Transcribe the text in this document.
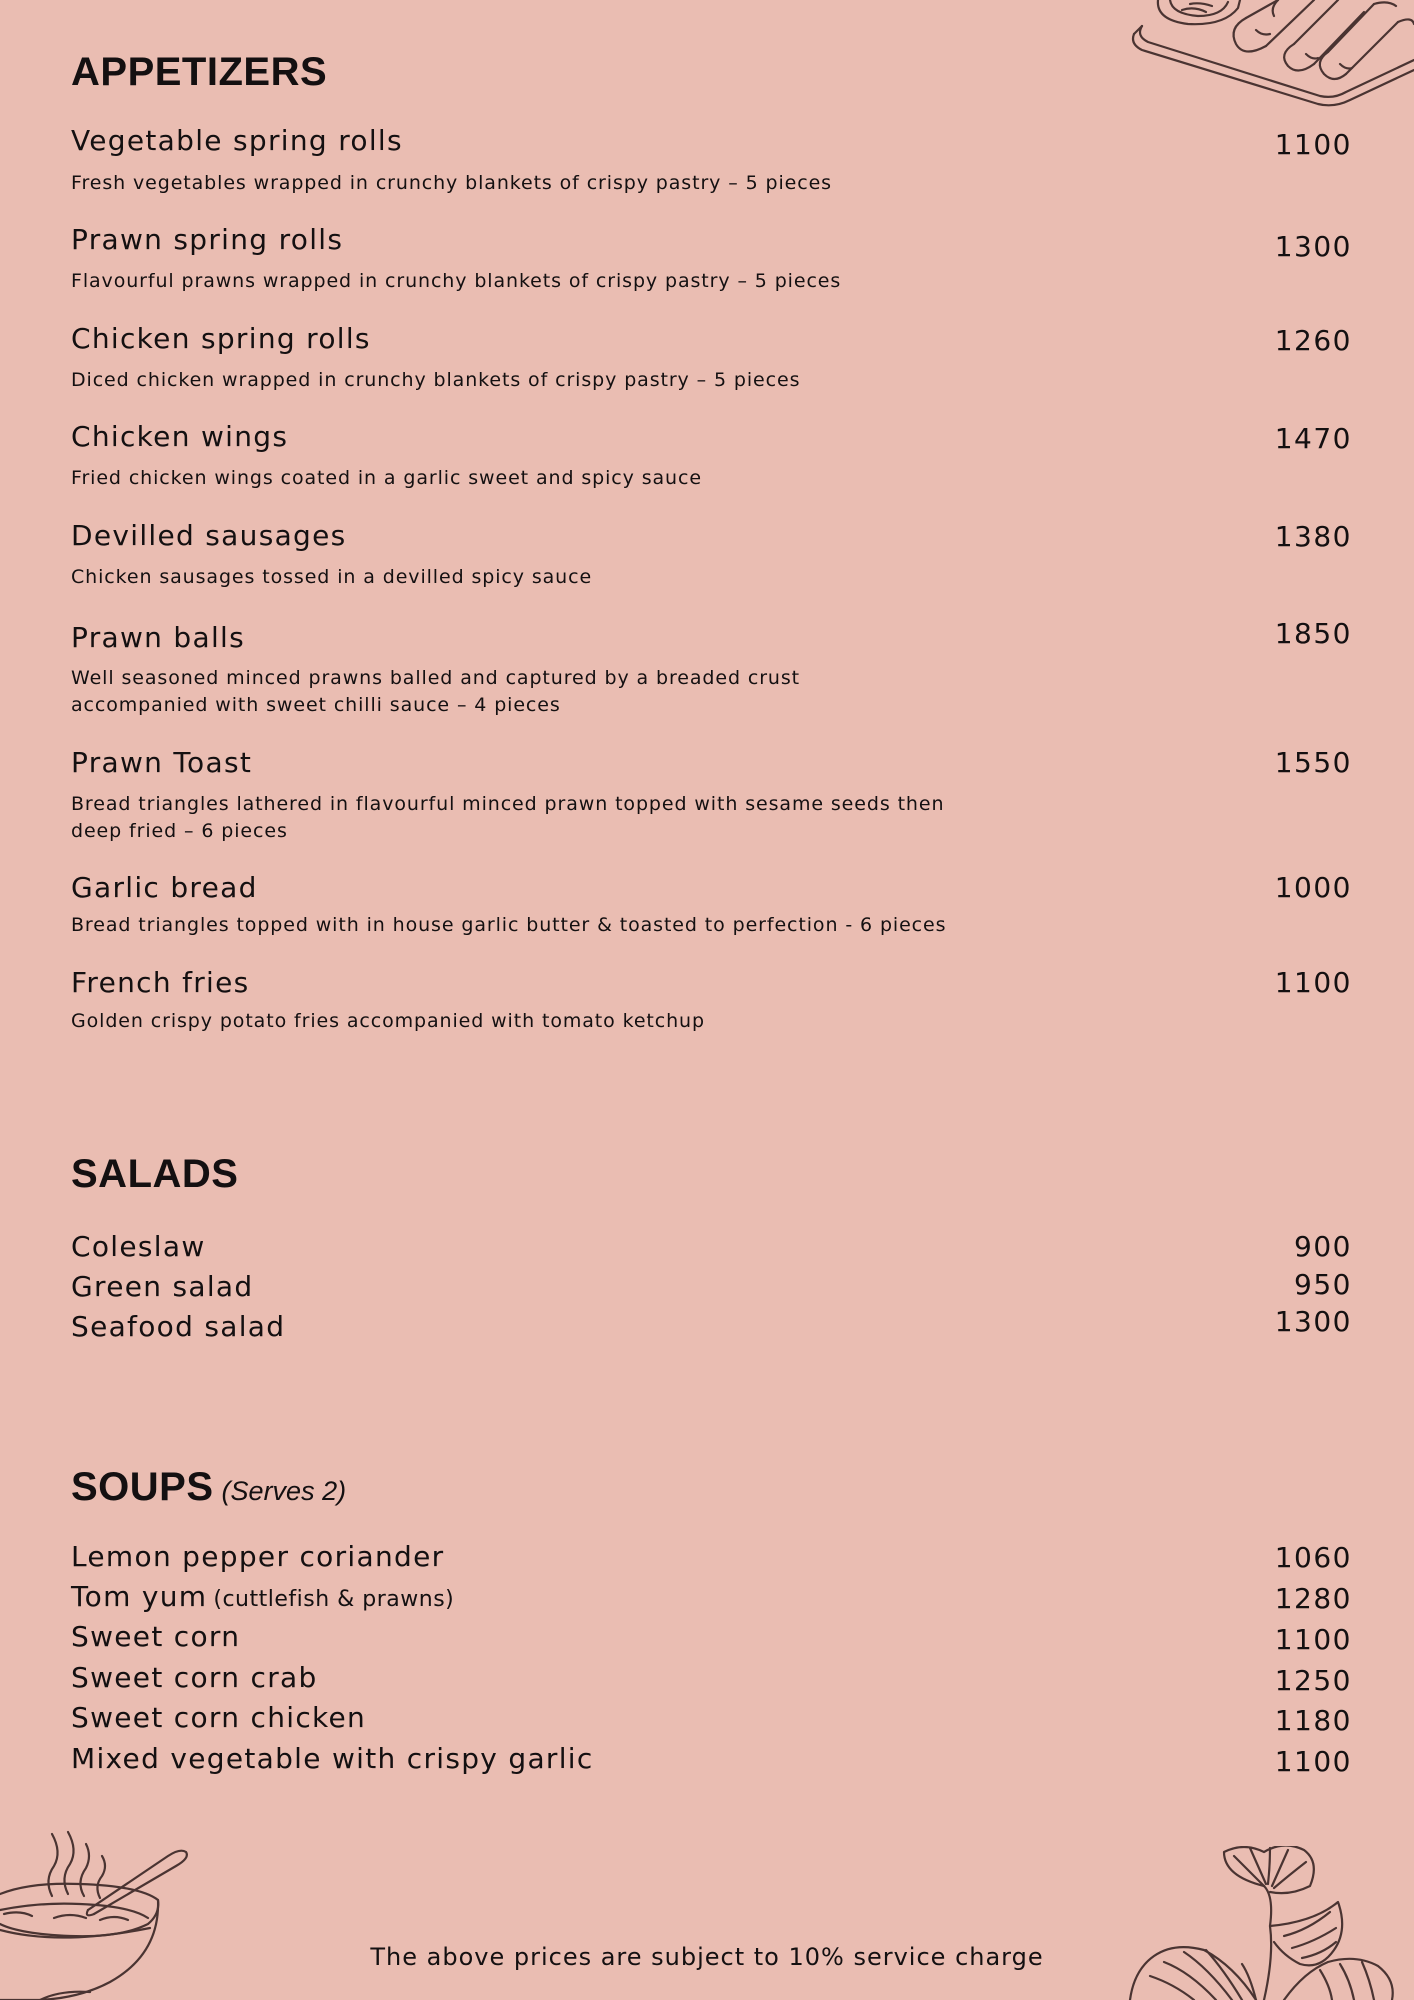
APPETIZERS
Vegetable spring rolls
Fresh vegetables wrapped in crunchy blankets of crispy pastry – 5 pieces
1100
Prawn spring rolls
Flavourful prawns wrapped in crunchy blankets of crispy pastry – 5 pieces
1300
Chicken spring rolls
Diced chicken wrapped in crunchy blankets of crispy pastry – 5 pieces
1260
Chicken wings
Fried chicken wings coated in a garlic sweet and spicy sauce
1470
Devilled sausages
Chicken sausages tossed in a devilled spicy sauce
1380
Prawn balls
Well seasoned minced prawns balled and captured by a breaded crust
accompanied with sweet chilli sauce – 4 pieces
1850
Prawn Toast
Bread triangles lathered in flavourful minced prawn topped with sesame seeds then
deep fried – 6 pieces
1550
Garlic bread
Bread triangles topped with in house garlic butter & toasted to perfection - 6 pieces
1000
French fries
Golden crispy potato fries accompanied with tomato ketchup
1100
SALADS
Coleslaw	900
Green salad	950
Seafood salad	1300
SOUPS (Serves 2)
Lemon pepper coriander	1060
Tom yum (cuttlefish & prawns)	1280
Sweet corn	1100
Sweet corn crab	1250
Sweet corn chicken	1180
Mixed vegetable with crispy garlic	1100
The above prices are subject to 10% service charge
